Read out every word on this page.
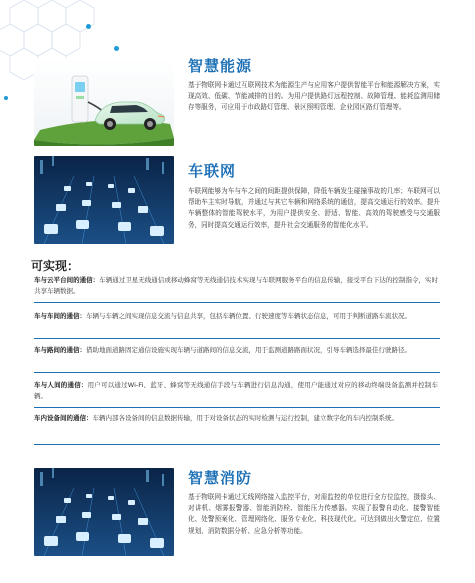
智慧能源
基于物联网卡通过互联网技术为能源生产与应用客户提供智能平台和能源解决方案，实现高效、低碳、节能减排的目的。为用户提供路灯远程控制、故障管理、能耗监测用储存等服务，可应用于市政路灯管理、景区照明管理、企业园区路灯管理等。
车联网
车联网能够为车与车之间的间距提供保障，降低车辆发生碰撞事故的几率；车联网可以帮助车主实时导航，并通过与其它车辆和网络系统的通信，提高交通运行的效率。提升车辆整体的智能驾驶水平，为用户提供安全、舒适、智能、高效的驾驶感受与交通服务，同时提高交通运行效率，提升社会交通服务的智能化水平。
可实现：
车与云平台间的通信：车辆通过卫星无线通信或移动蜂窝等无线通信技术实现与车联网服务平台的信息传输，接受平台下达的控制指令，实时共享车辆数据。
车与车间的通信：车辆与车辆之间实现信息交流与信息共享，包括车辆位置、行驶速度等车辆状态信息，可用于判断道路车流状况。
车与路间的通信：借助地面道路固定通信设施实现车辆与道路间的信息交流，用于监测道路路面状况，引导车辆选择最佳行驶路径。
车与人间的通信：用户可以通过Wi-Fi、蓝牙、蜂窝等无线通信手段与车辆进行信息沟通，使用户能通过对应的移动终端设备监测并控制车辆。
车内设备间的通信：车辆内部各设备间的信息数据传输，用于对设备状态的实时检测与运行控制，建立数字化的车内控制系统。
智慧消防
基于物联网卡通过无线网络接入监控平台，对需监控的单位进行全方位监控，摄像头、对讲机、烟雾报警器、智能消防栓、智能压力传感器。实现了报警自动化、接警智能化、处警预案化、管理网络化、服务专业化、科技现代化。可达到做出火警定位、位置规划、消防数据分析、应急分析等功能。
